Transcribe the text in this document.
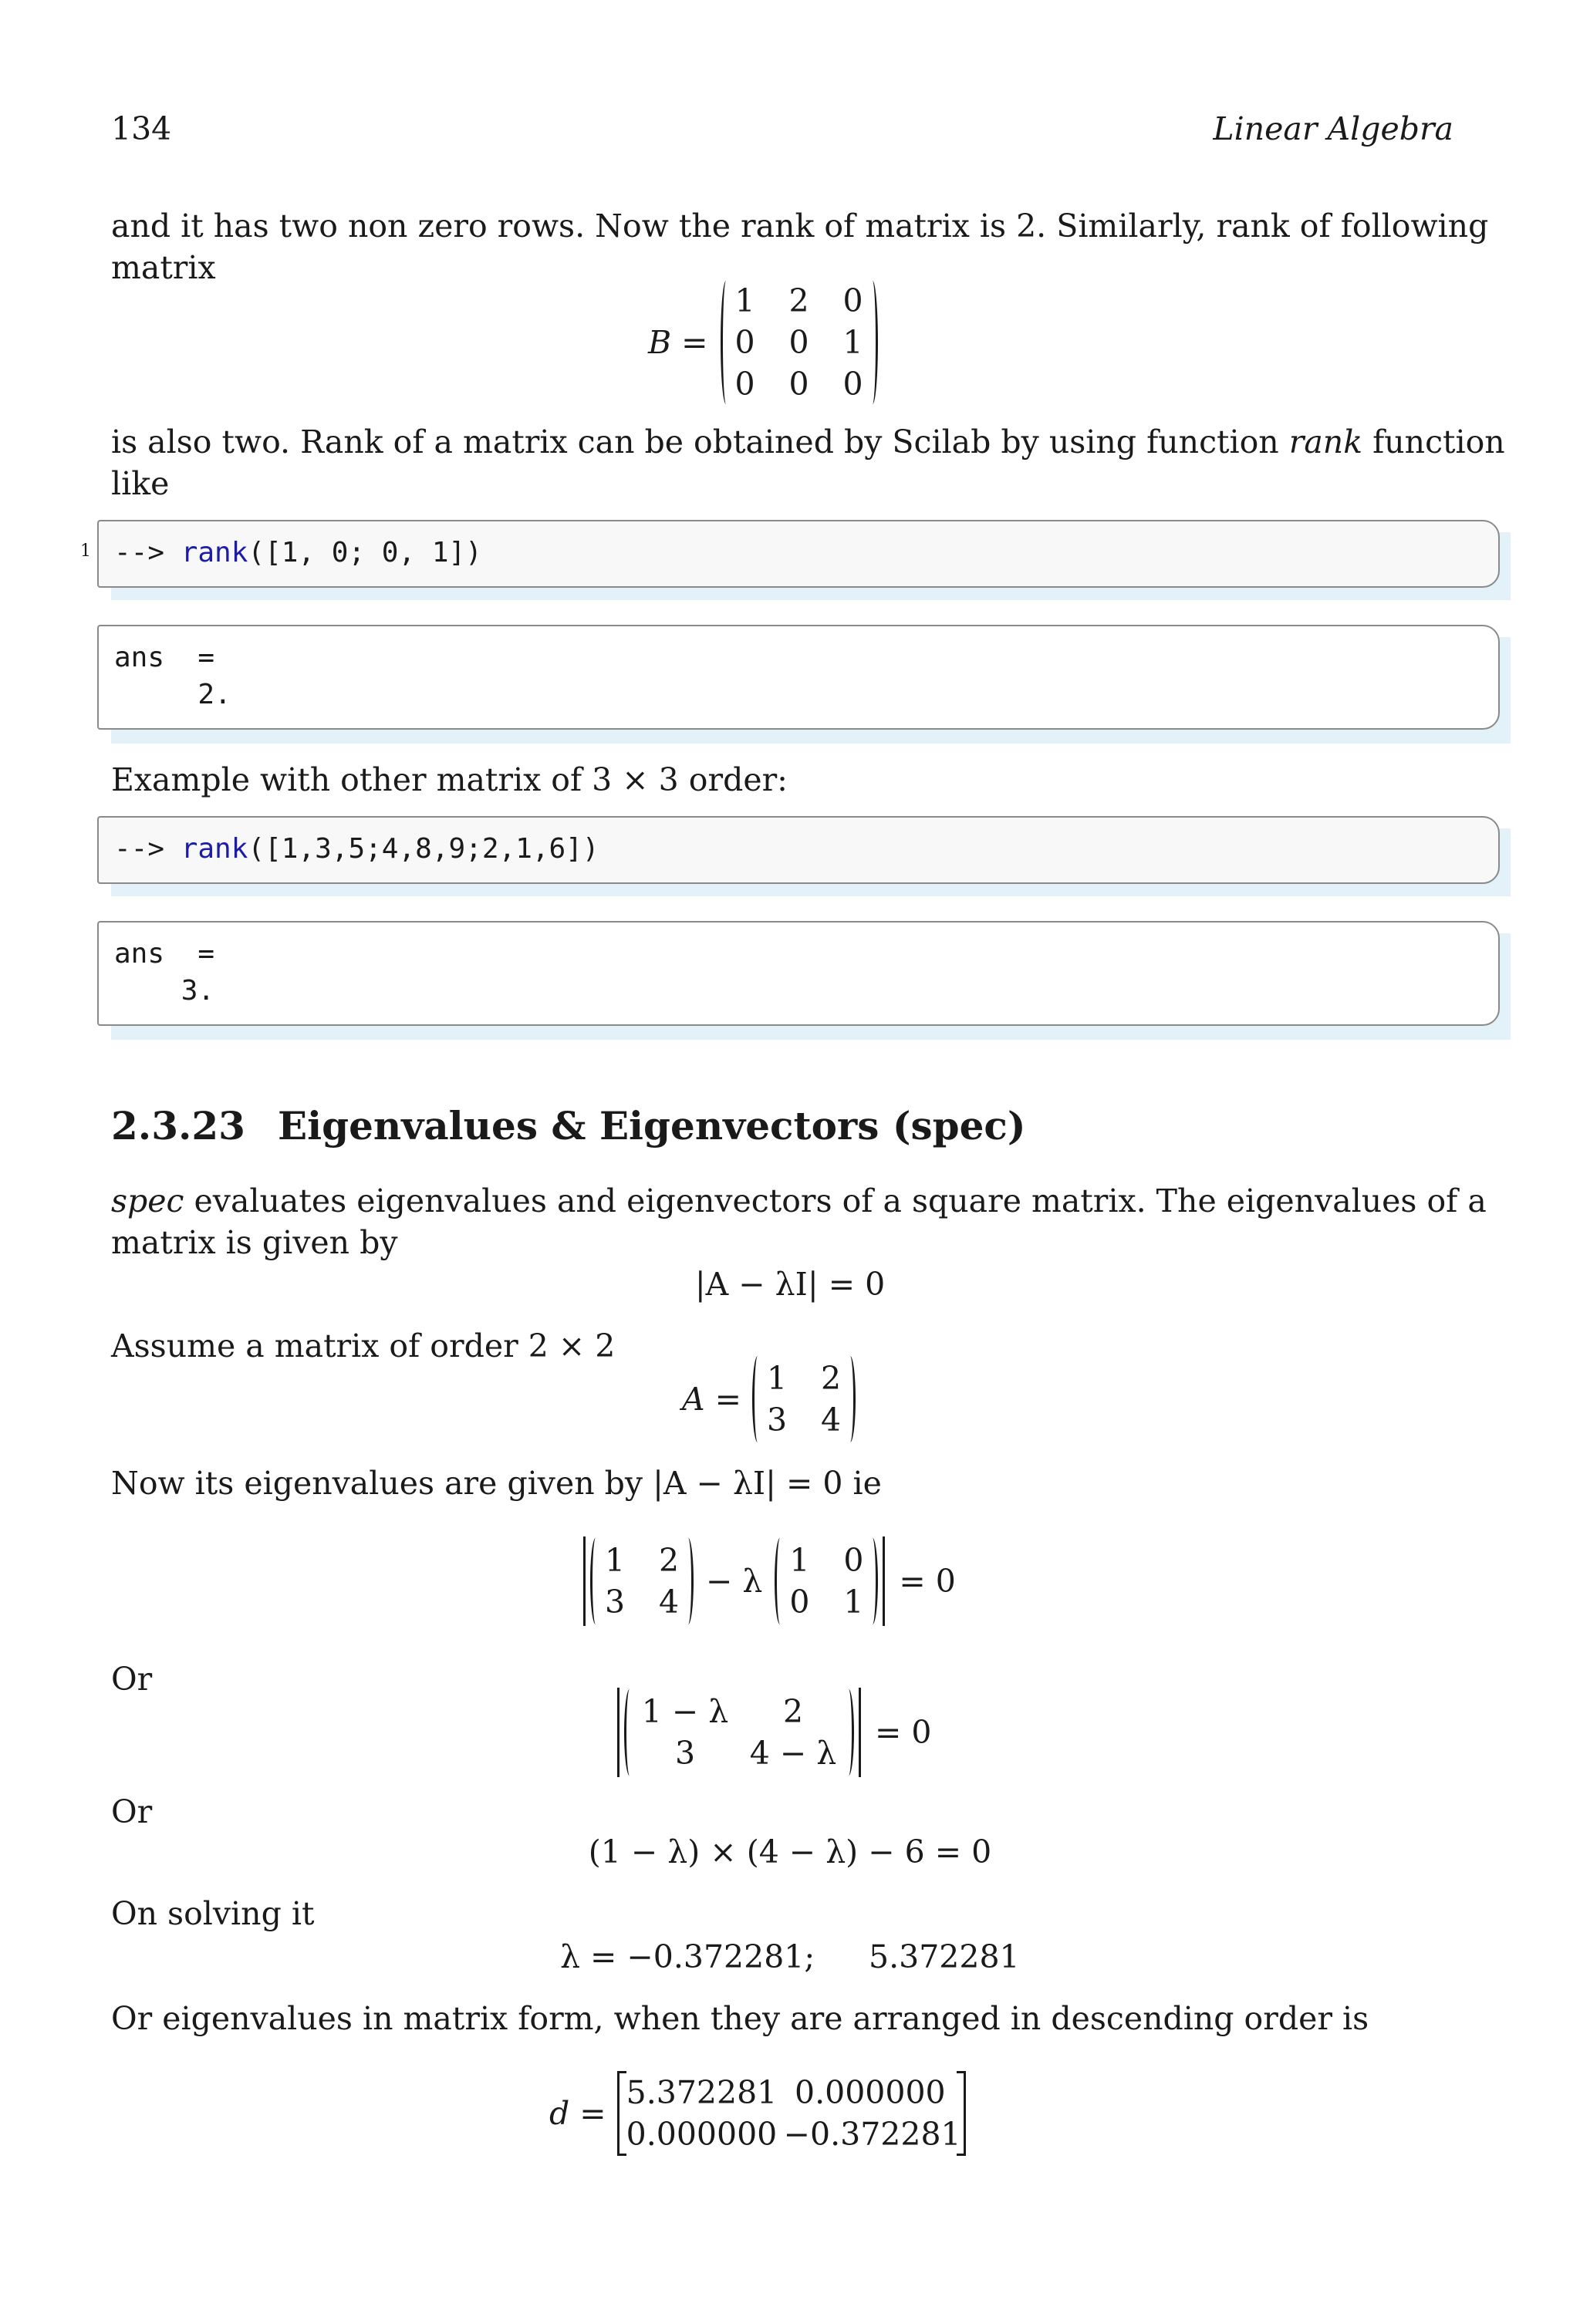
134	Linear Algebra
and it has two non zero rows. Now the rank of matrix is 2. Similarly, rank of following
matrix
B =
1 2 0
0 0 1
0 0 0
is also two. Rank of a matrix can be obtained by Scilab by using function rank function
like
--> rank([1, 0; 0, 1])
1
ans  =
2.
Example with other matrix of 3 × 3 order:
--> rank([1,3,5;4,8,9;2,1,6])
ans  =
3.
2.3.23 Eigenvalues & Eigenvectors (spec)
spec evaluates eigenvalues and eigenvectors of a square matrix. The eigenvalues of a
matrix is given by
|A − λI| = 0
Assume a matrix of order 2 × 2
A =
1 2
3 4
Now its eigenvalues are given by |A − λI| = 0 ie
1 2
3 4
− λ
1 0
0 1
= 0
Or
1 − λ	2
3	4 − λ
= 0
Or
(1 − λ) × (4 − λ) − 6 = 0
On solving it
λ = −0.372281; 5.372281
Or eigenvalues in matrix form, when they are arranged in descending order is
d =
5.372281 0.000000
0.000000 −0.372281
